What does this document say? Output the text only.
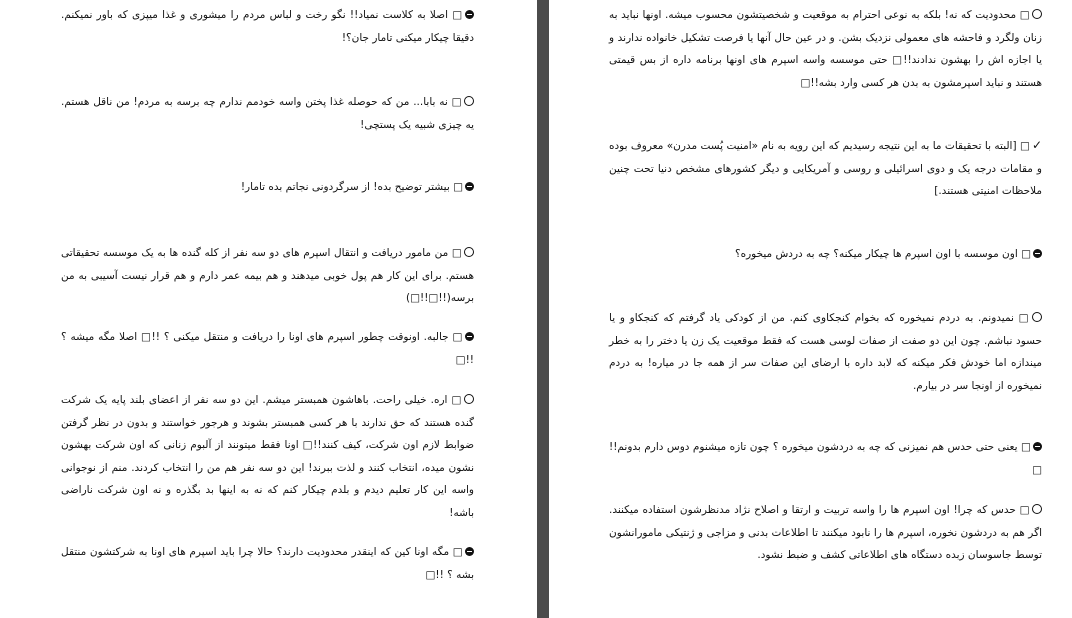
□ اصلا به کلاست نمیاد!! نگو رخت و لباس مردم را میشوری و غذا میپزی که باور نمیکنم. دقیقا چیکار میکنی تامار جان؟!

□ نه بابا... من که حوصله غذا پختن واسه خودمم ندارم چه برسه به مردم! من ناقل هستم. یه چیزی شبیه یک پستچی!

□ بیشتر توضیح بده! از سرگردونی نجاتم بده تامار!

□ من مامور دریافت و انتقال اسپرم های دو سه نفر از کله گنده ها به یک موسسه تحقیقاتی هستم. برای این کار هم پول خوبی میدهند و هم بیمه عمر دارم و هم قرار نیست آسیبی به من برسه(!!□!!□)

□ جالبه. اونوقت چطور اسپرم های اونا را دریافت و منتقل میکنی ؟ !!□ اصلا مگه میشه ؟ !!□

□ اره. خیلی راحت. باهاشون همبستر میشم. این دو سه نفر از اعضای بلند پایه یک شرکت گنده هستند که حق ندارند با هر کسی همبستر بشوند و هرجور خواستند و بدون در نظر گرفتن ضوابط لازم اون شرکت، کیف کنند!!□ اونا فقط میتونند از آلبوم زنانی که اون شرکت بهشون نشون میده، انتخاب کنند و لذت ببرند! این دو سه نفر هم من را انتخاب کردند. منم از نوجوانی واسه این کار تعلیم دیدم و بلدم چیکار کنم که نه به اینها بد بگذره و نه اون شرکت ناراضی باشه!

□ مگه اونا کین که اینقدر محدودیت دارند؟ حالا چرا باید اسپرم های اونا به شرکتشون منتقل بشه ؟ !!□

□ محدودیت که نه! بلکه به نوعی احترام به موقعیت و شخصیتشون محسوب میشه. اونها نباید به زنان ولگرد و فاحشه های معمولی نزدیک بشن. و در عین حال آنها یا فرصت تشکیل خانواده ندارند و یا اجازه اش را بهشون ندادند!!□ حتی موسسه واسه اسپرم های اونها برنامه داره از بس قیمتی هستند و نباید اسپرمشون به بدن هر کسی وارد بشه!!□

✓□ [البته با تحقیقات ما به این نتیجه رسیدیم که این رویه به نام «امنیت پُست مدرن» معروف بوده و مقامات درجه یک و دوی اسرائیلی و روسی و آمریکایی و دیگر کشورهای مشخص دنیا تحت چنین ملاحظات امنیتی هستند.]

□ اون موسسه با اون اسپرم ها چیکار میکنه؟ چه به دردش میخوره؟

□ نمیدونم. به دردم نمیخوره که بخوام کنجکاوی کنم. من از کودکی یاد گرفتم که کنجکاو و یا حسود نباشم. چون این دو صفت از صفات لوسی هست که فقط موقعیت یک زن یا دختر را به خطر میندازه اما خودش فکر میکنه که لابد داره با ارضای این صفات سر از همه جا در میاره! به دردم نمیخوره از اونجا سر در بیارم.

□ یعنی حتی حدس هم نمیزنی که چه به دردشون میخوره ؟ چون تازه میشنوم دوس دارم بدونم!!□

□ حدس که چرا! اون اسپرم ها را واسه تربیت و ارتقا و اصلاح نژاد مدنظرشون استفاده میکنند. اگر هم به دردشون نخوره، اسپرم ها را نابود میکنند تا اطلاعات بدنی و مزاجی و ژنتیکی مامورانشون توسط جاسوسان زبده دستگاه های اطلاعاتی کشف و ضبط نشود.
